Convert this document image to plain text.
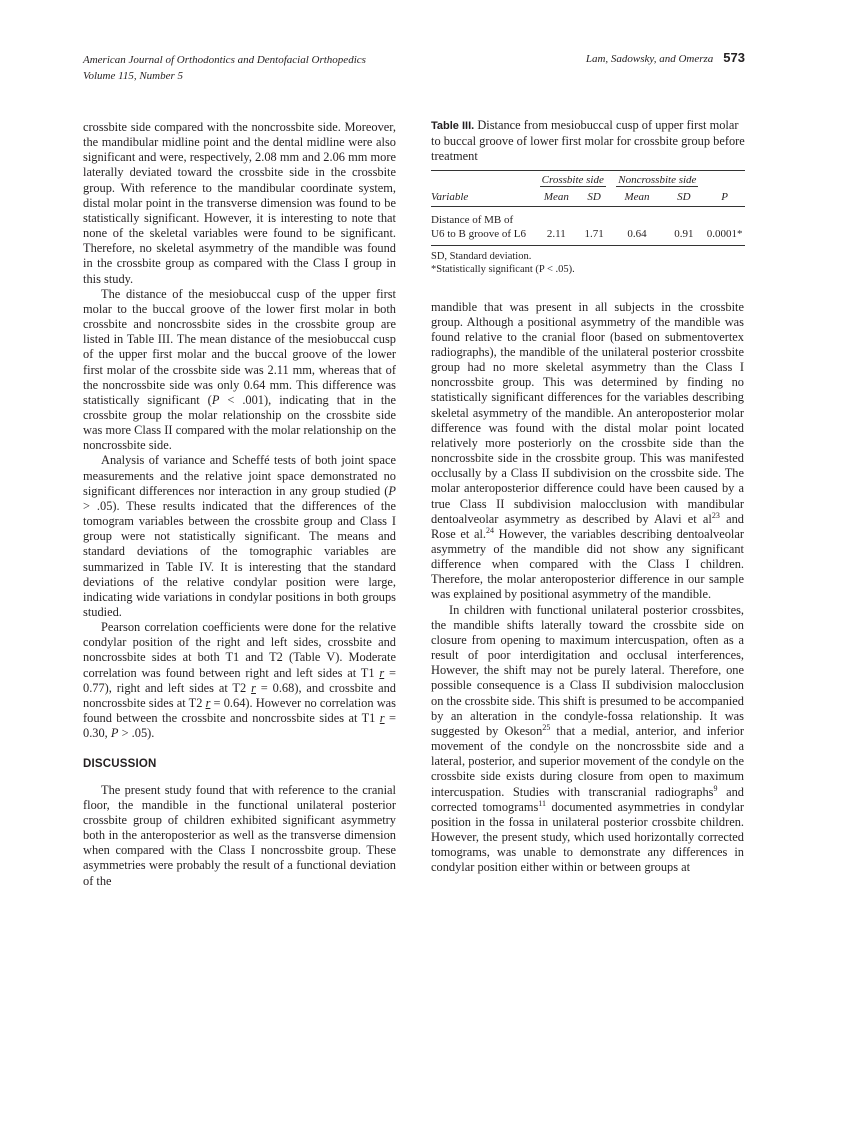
American Journal of Orthodontics and Dentofacial Orthopedics
Volume 115, Number 5
Lam, Sadowsky, and Omerza 573

crossbite side compared with the noncrossbite side. Moreover, the mandibular midline point and the dental midline were also significant and were, respectively, 2.08 mm and 2.06 mm more laterally deviated toward the crossbite side in the crossbite group. With reference to the mandibular coordinate system, distal molar point in the transverse dimension was found to be statistically significant. However, it is interesting to note that none of the skeletal variables were found to be significant. Therefore, no skeletal asymmetry of the mandible was found in the crossbite group as compared with the Class I group in this study.

The distance of the mesiobuccal cusp of the upper first molar to the buccal groove of the lower first molar in both crossbite and noncrossbite sides in the crossbite group are listed in Table III. The mean distance of the mesiobuccal cusp of the upper first molar and the buccal groove of the lower first molar of the crossbite side was 2.11 mm, whereas that of the noncrossbite side was only 0.64 mm. This difference was statistically significant (P < .001), indicating that in the crossbite group the molar relationship on the crossbite side was more Class II compared with the molar relationship on the noncrossbite side.

Analysis of variance and Scheffé tests of both joint space measurements and the relative joint space demonstrated no significant differences nor interaction in any group studied (P > .05). These results indicated that the differences of the tomogram variables between the crossbite group and Class I group were not statistically significant. The means and standard deviations of the tomographic variables are summarized in Table IV. It is interesting that the standard deviations of the relative condylar position were large, indicating wide variations in condylar positions in both groups studied.

Pearson correlation coefficients were done for the relative condylar position of the right and left sides, crossbite and noncrossbite sides at both T1 and T2 (Table V). Moderate correlation was found between right and left sides at T1 r = 0.77), right and left sides at T2 r = 0.68), and crossbite and noncrossbite sides at T2 r = 0.64). However no correlation was found between the crossbite and noncrossbite sides at T1 r = 0.30, P > .05).

DISCUSSION

The present study found that with reference to the cranial floor, the mandible in the functional unilateral posterior crossbite group of children exhibited significant asymmetry both in the anteroposterior as well as the transverse dimension when compared with the Class I noncrossbite group. These asymmetries were probably the result of a functional deviation of the

Table III. Distance from mesiobuccal cusp of upper first molar to buccal groove of lower first molar for crossbite group before treatment
	Crossbite side		Noncrossbite side		
Variable	Mean	SD	Mean	SD	P

Distance of MB of
U6 to B groove of L6	2.11	1.71	0.64	0.91	0.0001*
SD, Standard deviation.
*Statistically significant (P < .05).

mandible that was present in all subjects in the crossbite group. Although a positional asymmetry of the mandible was found relative to the cranial floor (based on submentovertex radiographs), the mandible of the unilateral posterior crossbite group had no more skeletal asymmetry than the Class I noncrossbite group. This was determined by finding no statistically significant differences for the variables describing skeletal asymmetry of the mandible. An anteroposterior molar difference was found with the distal molar point located relatively more posteriorly on the crossbite side than the noncrossbite side in the crossbite group. This was manifested occlusally by a Class II subdivision on the crossbite side. The molar anteroposterior difference could have been caused by a true Class II subdivision malocclusion with mandibular dentoalveolar asymmetry as described by Alavi et $al^{23}$ and Rose et al.$^{24}$ However, the variables describing dentoalveolar asymmetry of the mandible did not show any significant difference when compared with the Class I children. Therefore, the molar anteroposterior difference in our sample was explained by positional asymmetry of the mandible.

In children with functional unilateral posterior crossbites, the mandible shifts laterally toward the crossbite side on closure from opening to maximum intercuspation, often as a result of poor interdigitation and occlusal interferences, However, the shift may not be purely lateral. Therefore, one possible consequence is a Class II subdivision malocclusion on the crossbite side. This shift is presumed to be accompanied by an alteration in the condyle-fossa relationship. It was suggested by Okeson$^{25}$ that a medial, anterior, and inferior movement of the condyle on the noncrossbite side and a lateral, posterior, and superior movement of the condyle on the crossbite side exists during closure from open to maximum intercuspation. Studies with transcranial radiographs$^9$ and corrected tomograms$^{11}$ documented asymmetries in condylar position in the fossa in unilateral posterior crossbite children. However, the present study, which used horizontally corrected tomograms, was unable to demonstrate any differences in condylar position either within or between groups at
